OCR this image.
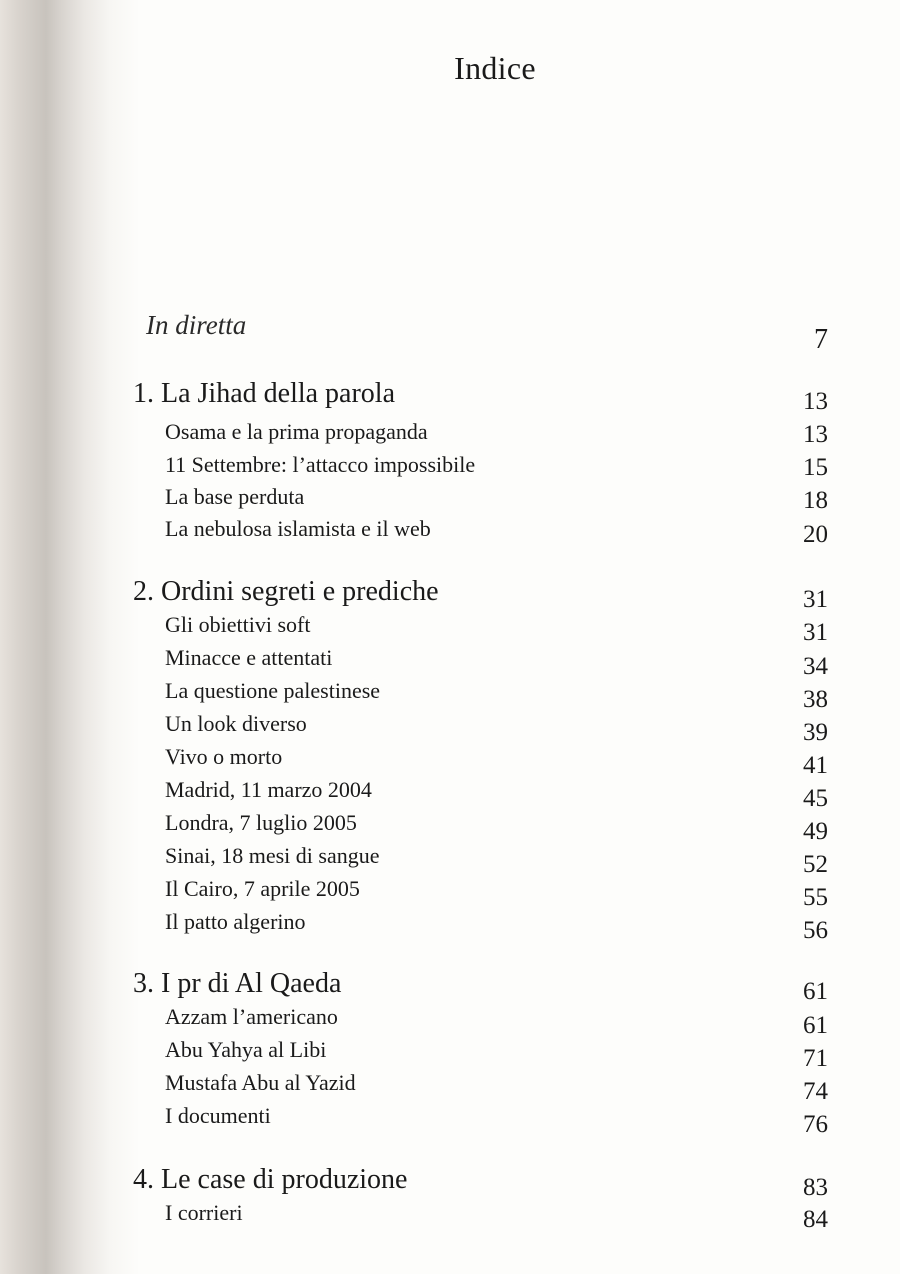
Indice
In diretta	7
1. La Jihad della parola	13
Osama e la prima propaganda	13
11 Settembre: l’attacco impossibile	15
La base perduta	18
La nebulosa islamista e il web	20
2. Ordini segreti e prediche	31
Gli obiettivi soft	31
Minacce e attentati	34
La questione palestinese	38
Un look diverso	39
Vivo o morto	41
Madrid, 11 marzo 2004	45
Londra, 7 luglio 2005	49
Sinai, 18 mesi di sangue	52
Il Cairo, 7 aprile 2005	55
Il patto algerino	56
3. I pr di Al Qaeda	61
Azzam l’americano	61
Abu Yahya al Libi	71
Mustafa Abu al Yazid	74
I documenti	76
4. Le case di produzione	83
I corrieri	84
